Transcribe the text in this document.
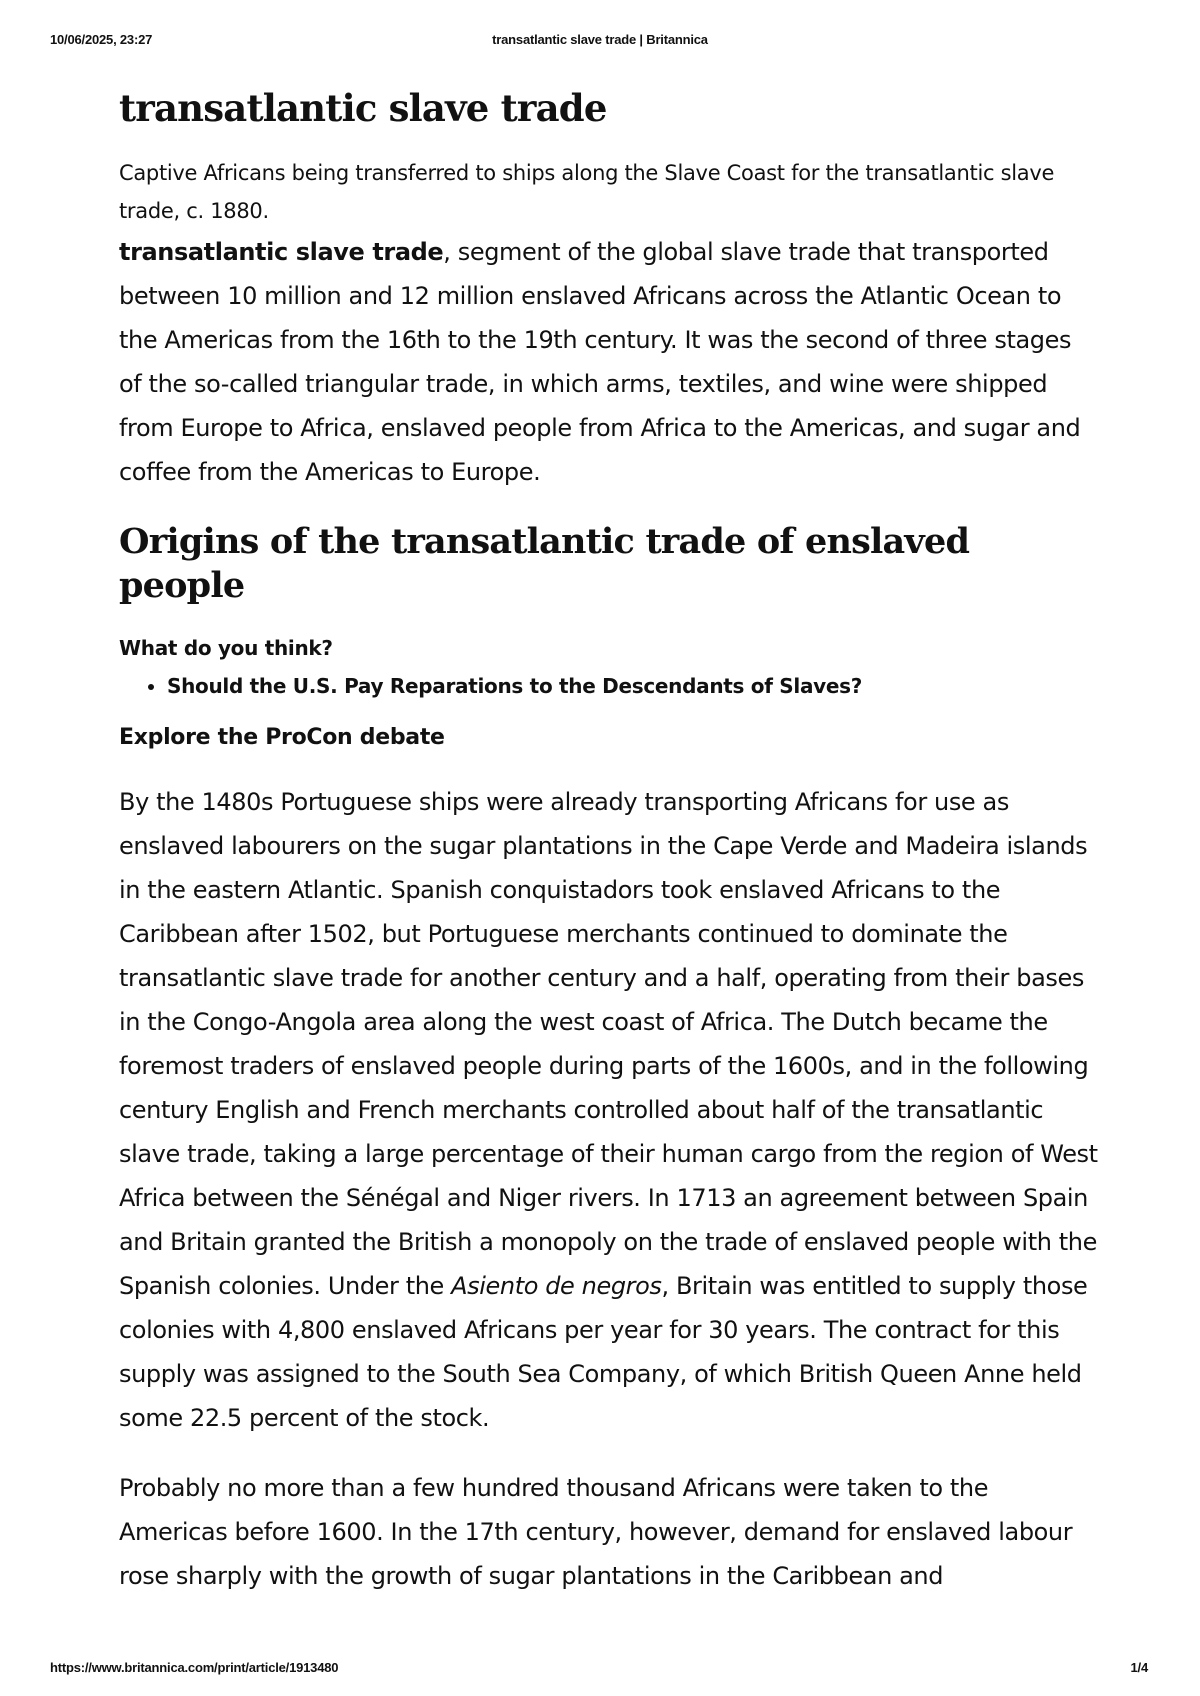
10/06/2025, 23:27	transatlantic slave trade | Britannica
transatlantic slave trade

Captive Africans being transferred to ships along the Slave Coast for the transatlantic slave trade, c. 1880.

transatlantic slave trade, segment of the global slave trade that transported between 10 million and 12 million enslaved Africans across the Atlantic Ocean to the Americas from the 16th to the 19th century. It was the second of three stages of the so-called triangular trade, in which arms, textiles, and wine were shipped from Europe to Africa, enslaved people from Africa to the Americas, and sugar and coffee from the Americas to Europe.

Origins of the transatlantic trade of enslaved people
What do you think?
• Should the U.S. Pay Reparations to the Descendants of Slaves?
Explore the ProCon debate

By the 1480s Portuguese ships were already transporting Africans for use as enslaved labourers on the sugar plantations in the Cape Verde and Madeira islands in the eastern Atlantic. Spanish conquistadors took enslaved Africans to the Caribbean after 1502, but Portuguese merchants continued to dominate the transatlantic slave trade for another century and a half, operating from their bases in the Congo-Angola area along the west coast of Africa. The Dutch became the foremost traders of enslaved people during parts of the 1600s, and in the following century English and French merchants controlled about half of the transatlantic slave trade, taking a large percentage of their human cargo from the region of West Africa between the Sénégal and Niger rivers. In 1713 an agreement between Spain and Britain granted the British a monopoly on the trade of enslaved people with the Spanish colonies. Under the Asiento de negros, Britain was entitled to supply those colonies with 4,800 enslaved Africans per year for 30 years. The contract for this supply was assigned to the South Sea Company, of which British Queen Anne held some 22.5 percent of the stock.

Probably no more than a few hundred thousand Africans were taken to the Americas before 1600. In the 17th century, however, demand for enslaved labour rose sharply with the growth of sugar plantations in the Caribbean and

https://www.britannica.com/print/article/1913480	1/4
